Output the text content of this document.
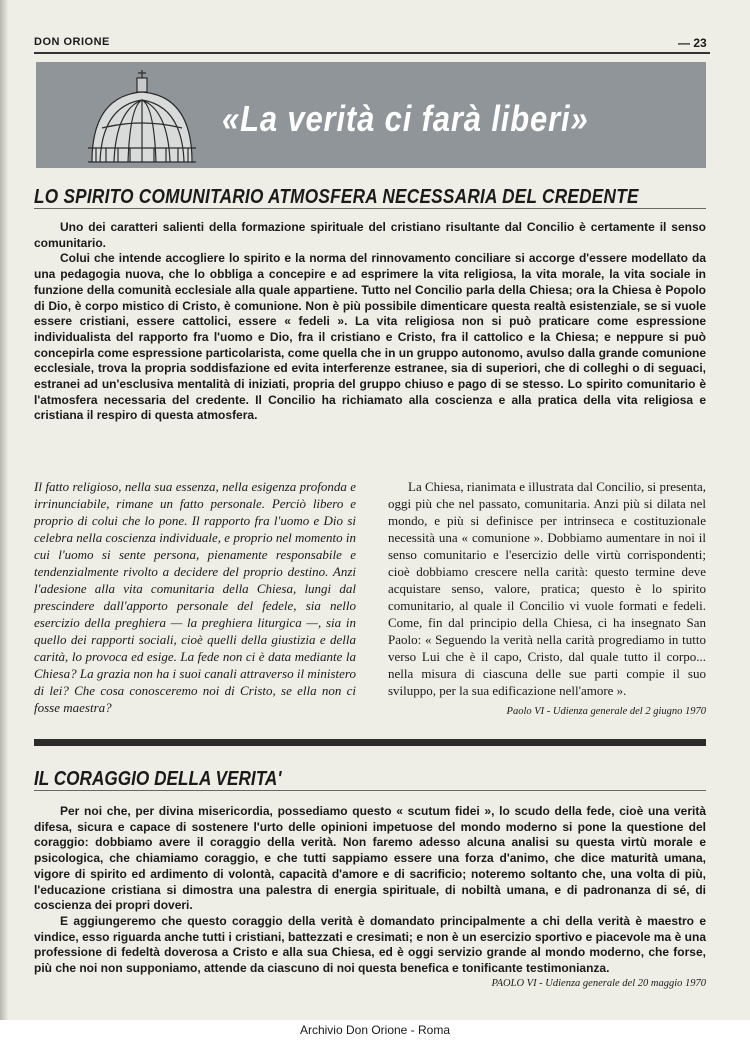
DON ORIONE	— 23
«La verità ci farà liberi»
LO SPIRITO COMUNITARIO ATMOSFERA NECESSARIA DEL CREDENTE

Uno dei caratteri salienti della formazione spirituale del cristiano risultante dal Concilio è certamente il senso comunitario.

Colui che intende accogliere lo spirito e la norma del rinnovamento conciliare si accorge d'essere modellato da una pedagogia nuova, che lo obbliga a concepire e ad esprimere la vita religiosa, la vita morale, la vita sociale in funzione della comunità ecclesiale alla quale appartiene. Tutto nel Concilio parla della Chiesa; ora la Chiesa è Popolo di Dio, è corpo mistico di Cristo, è comunione. Non è più possibile dimenticare questa realtà esistenziale, se si vuole essere cristiani, essere cattolici, essere « fedeli ». La vita religiosa non si può praticare come espressione individualista del rapporto fra l'uomo e Dio, fra il cristiano e Cristo, fra il cattolico e la Chiesa; e neppure si può concepirla come espressione particolarista, come quella che in un gruppo autonomo, avulso dalla grande comunione ecclesiale, trova la propria soddisfazione ed evita interferenze estranee, sia di superiori, che di colleghi o di seguaci, estranei ad un'esclusiva mentalità di iniziati, propria del gruppo chiuso e pago di se stesso. Lo spirito comunitario è l'atmosfera necessaria del credente. Il Concilio ha richiamato alla coscienza e alla pratica della vita religiosa e cristiana il respiro di questa atmosfera.

Il fatto religioso, nella sua essenza, nella esigenza profonda e irrinunciabile, rimane un fatto personale. Perciò libero e proprio di colui che lo pone. Il rapporto fra l'uomo e Dio si celebra nella coscienza individuale, e proprio nel momento in cui l'uomo si sente persona, pienamente responsabile e tendenzialmente rivolto a decidere del proprio destino. Anzi l'adesione alla vita comunitaria della Chiesa, lungi dal prescindere dall'apporto personale del fedele, sia nello esercizio della preghiera — la preghiera liturgica —, sia in quello dei rapporti sociali, cioè quelli della giustizia e della carità, lo provoca ed esige. La fede non ci è data mediante la Chiesa? La grazia non ha i suoi canali attraverso il ministero di lei? Che cosa conosceremo noi di Cristo, se ella non ci fosse maestra?

La Chiesa, rianimata e illustrata dal Concilio, si presenta, oggi più che nel passato, comunitaria. Anzi più si dilata nel mondo, e più si definisce per intrinseca e costituzionale necessità una « comunione ». Dobbiamo aumentare in noi il senso comunitario e l'esercizio delle virtù corrispondenti; cioè dobbiamo crescere nella carità: questo termine deve acquistare senso, valore, pratica; questo è lo spirito comunitario, al quale il Concilio vi vuole formati e fedeli. Come, fin dal principio della Chiesa, ci ha insegnato San Paolo: « Seguendo la verità nella carità progrediamo in tutto verso Lui che è il capo, Cristo, dal quale tutto il corpo... nella misura di ciascuna delle sue parti compie il suo sviluppo, per la sua edificazione nell'amore ».

Paolo VI - Udienza generale del 2 giugno 1970
IL CORAGGIO DELLA VERITA'

Per noi che, per divina misericordia, possediamo questo « scutum fidei », lo scudo della fede, cioè una verità difesa, sicura e capace di sostenere l'urto delle opinioni impetuose del mondo moderno si pone la questione del coraggio: dobbiamo avere il coraggio della verità. Non faremo adesso alcuna analisi su questa virtù morale e psicologica, che chiamiamo coraggio, e che tutti sappiamo essere una forza d'animo, che dice maturità umana, vigore di spirito ed ardimento di volontà, capacità d'amore e di sacrificio; noteremo soltanto che, una volta di più, l'educazione cristiana si dimostra una palestra di energia spirituale, di nobiltà umana, e di padronanza di sé, di coscienza dei propri doveri.

E aggiungeremo che questo coraggio della verità è domandato principalmente a chi della verità è maestro e vindice, esso riguarda anche tutti i cristiani, battezzati e cresimati; e non è un esercizio sportivo e piacevole ma è una professione di fedeltà doverosa a Cristo e alla sua Chiesa, ed è oggi servizio grande al mondo moderno, che forse, più che noi non supponiamo, attende da ciascuno di noi questa benefica e tonificante testimonianza.

PAOLO VI - Udienza generale del 20 maggio 1970
Archivio Don Orione - Roma
